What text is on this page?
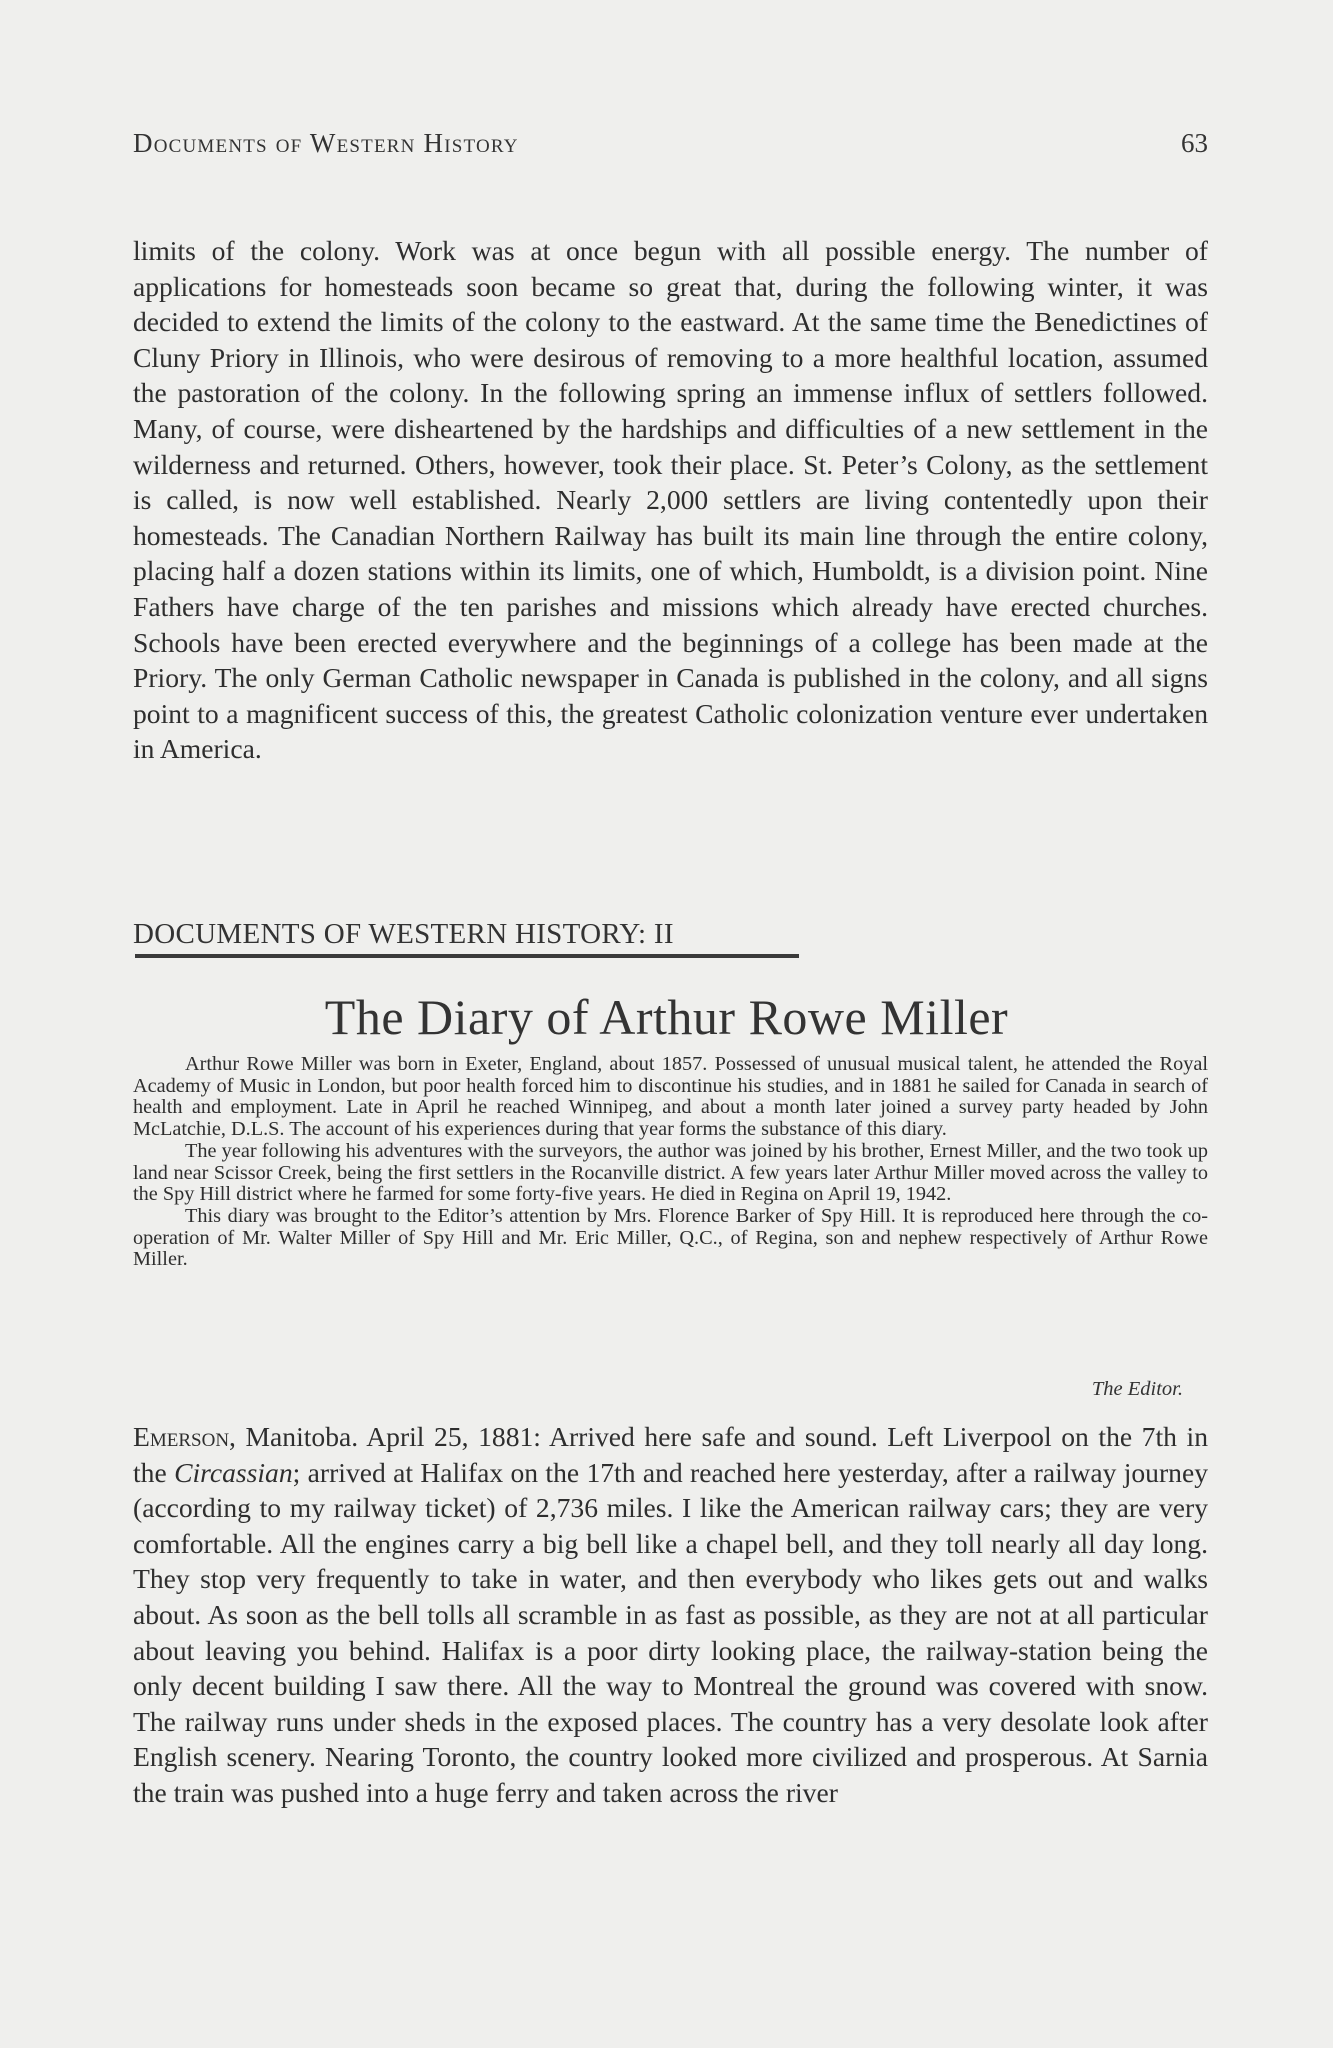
Documents of Western History	63

limits of the colony. Work was at once begun with all possible energy. The number of applications for homesteads soon became so great that, during the following winter, it was decided to extend the limits of the colony to the eastward. At the same time the Benedictines of Cluny Priory in Illinois, who were desirous of removing to a more healthful location, assumed the pastoration of the colony. In the following spring an immense influx of settlers followed. Many, of course, were disheartened by the hardships and difficulties of a new settlement in the wilderness and returned. Others, however, took their place. St. Peter’s Colony, as the settlement is called, is now well established. Nearly 2,000 settlers are living contentedly upon their homesteads. The Canadian Northern Railway has built its main line through the entire colony, placing half a dozen stations within its limits, one of which, Humboldt, is a division point. Nine Fathers have charge of the ten parishes and missions which already have erected churches. Schools have been erected everywhere and the beginnings of a college has been made at the Priory. The only German Catholic newspaper in Canada is published in the colony, and all signs point to a magnificent success of this, the greatest Catholic colonization venture ever undertaken in America.

DOCUMENTS OF WESTERN HISTORY: II
The Diary of Arthur Rowe Miller

Arthur Rowe Miller was born in Exeter, England, about 1857. Possessed of unusual musical talent, he attended the Royal Academy of Music in London, but poor health forced him to discontinue his studies, and in 1881 he sailed for Canada in search of health and employment. Late in April he reached Winnipeg, and about a month later joined a survey party headed by John McLatchie, D.L.S. The account of his experiences during that year forms the substance of this diary.

The year following his adventures with the surveyors, the author was joined by his brother, Ernest Miller, and the two took up land near Scissor Creek, being the first settlers in the Rocanville district. A few years later Arthur Miller moved across the valley to the Spy Hill district where he farmed for some forty-five years. He died in Regina on April 19, 1942.

This diary was brought to the Editor’s attention by Mrs. Florence Barker of Spy Hill. It is reproduced here through the co-operation of Mr. Walter Miller of Spy Hill and Mr. Eric Miller, Q.C., of Regina, son and nephew respectively of Arthur Rowe Miller.

The Editor.

Emerson, Manitoba. April 25, 1881: Arrived here safe and sound. Left Liverpool on the 7th in the Circassian; arrived at Halifax on the 17th and reached here yesterday, after a railway journey (according to my railway ticket) of 2,736 miles. I like the American railway cars; they are very comfortable. All the engines carry a big bell like a chapel bell, and they toll nearly all day long. They stop very frequently to take in water, and then everybody who likes gets out and walks about. As soon as the bell tolls all scramble in as fast as possible, as they are not at all particular about leaving you behind. Halifax is a poor dirty looking place, the railway-station being the only decent building I saw there. All the way to Montreal the ground was covered with snow. The railway runs under sheds in the exposed places. The country has a very desolate look after English scenery. Nearing Toronto, the country looked more civilized and prosperous. At Sarnia the train was pushed into a huge ferry and taken across the river
